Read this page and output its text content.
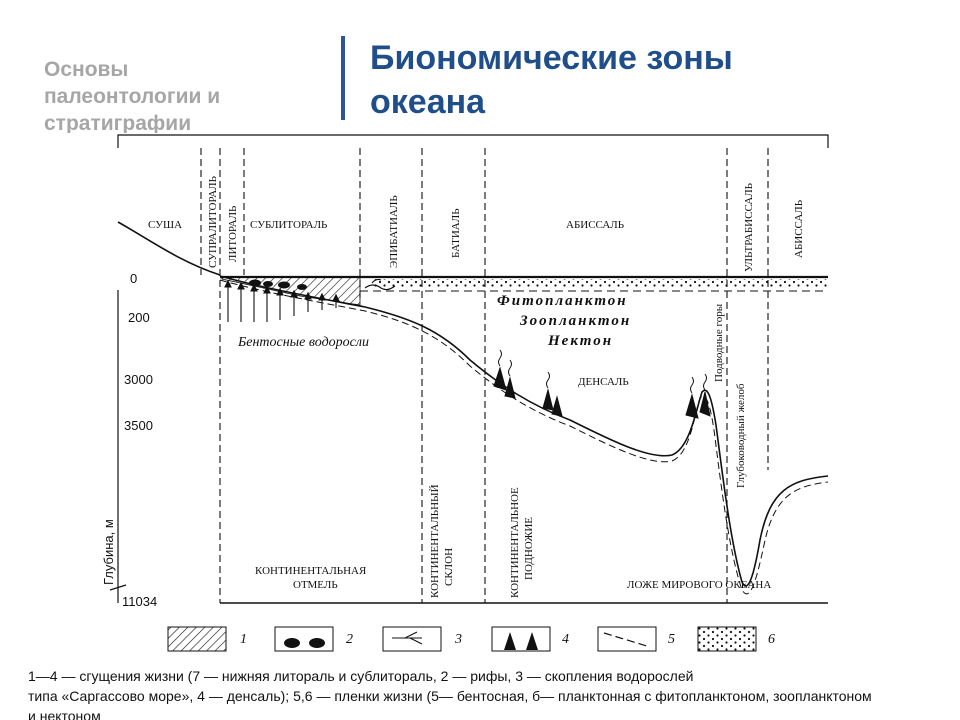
Основы
палеонтологии и
стратиграфии
Биономические зоны
океана
СУША СУПРАЛИТОРАЛЬ ЛИТОРАЛЬ СУБЛИТОРАЛЬ	ЭПИБАТИАЛЬ	БАТИАЛЬ	АБИССАЛЬ	УЛЬТРАБИССАЛЬ	АБИССАЛЬ
0
200
3000
3500
11034
Глубина, м
Бентосные водоросли
Фитопланктон
Зоопланктон
Нектон
ДЕНСАЛЬ	Подводные горы
Глубоководный желоб
КОНТИНЕНТАЛЬНАЯ
ОТМЕЛЬ	КОНТИНЕНТАЛЬНЫЙ СКЛОН	КОНТИНЕНТАЛЬНОЕ ПОДНОЖИЕ
ЛОЖЕ МИРОВОГО ОКЕАНА
1	2	3	4	5	6
1—4 — сгущения жизни (7 — нижняя литораль и сублитораль, 2 — рифы, 3 — скопления водорослей
типа «Саргассово море», 4 — денсаль); 5,6 — пленки жизни (5— бентосная, б— планктонная с фитопланктоном, зоопланктоном
и нектоном
